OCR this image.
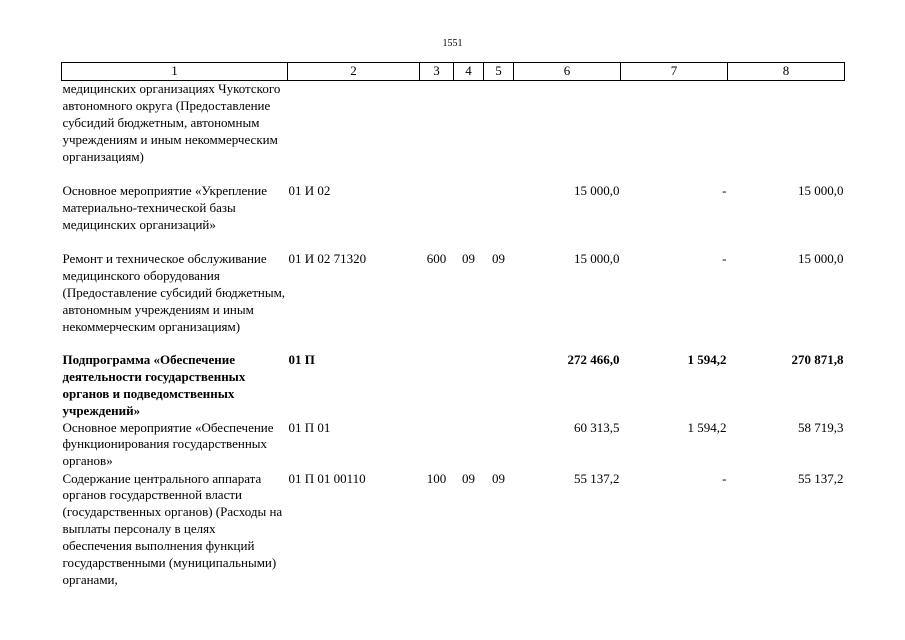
1551
1	2	3	4	5	6	7	8
медицинских организациях Чукотского автономного округа (Предоставление субсидий бюджетным, автономным учреждениям и иным некоммерческим организациям)							
Основное мероприятие «Укрепление материально-технической базы медицинских организаций»	01 И 02				15 000,0	-	15 000,0
Ремонт и техническое обслуживание медицинского оборудования (Предоставление субсидий бюджетным, автономным учреждениям и иным некоммерческим организациям)	01 И 02 71320	600	09	09	15 000,0	-	15 000,0
Подпрограмма «Обеспечение деятельности государственных органов и подведомственных учреждений»	01 П				272 466,0	1 594,2	270 871,8
Основное мероприятие «Обеспечение функционирования государственных органов»	01 П 01				60 313,5	1 594,2	58 719,3
Содержание центрального аппарата органов государственной власти (государственных органов) (Расходы на выплаты персоналу в целях обеспечения выполнения функций государственными (муниципальными) органами,	01 П 01 00110	100	09	09	55 137,2	-	55 137,2
